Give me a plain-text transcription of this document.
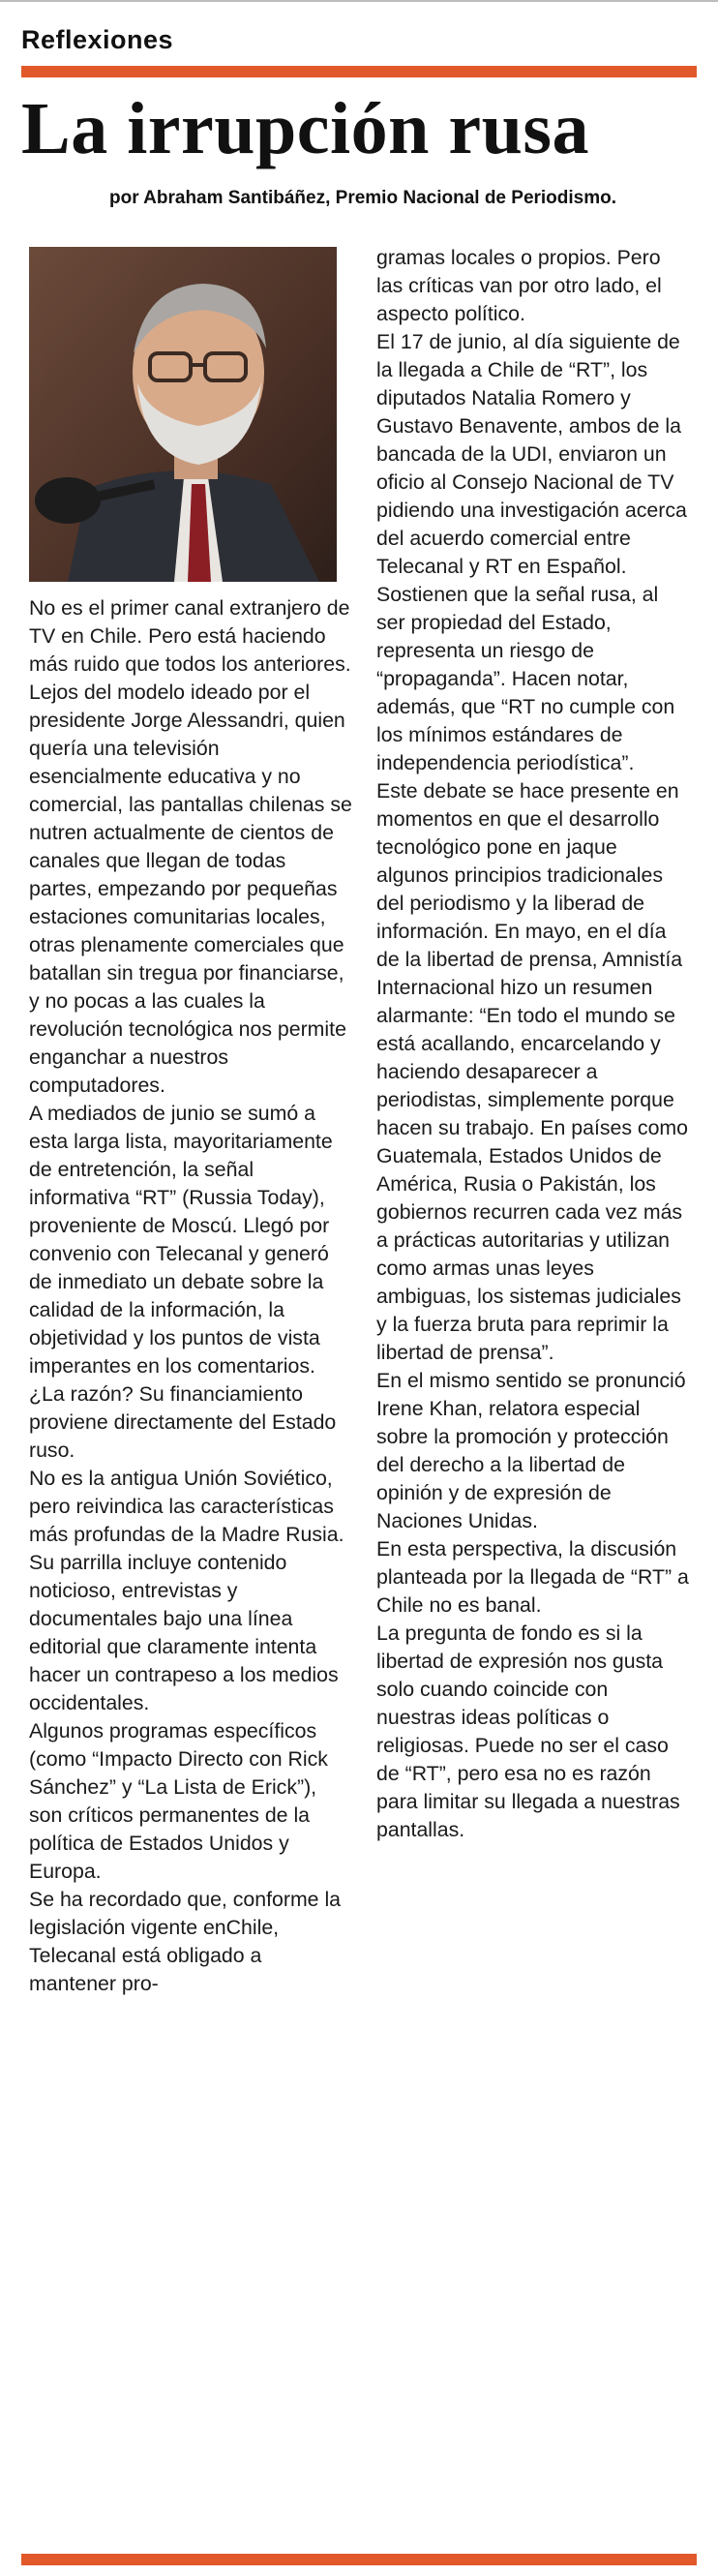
Reflexiones
La irrupción rusa
por Abraham Santibáñez, Premio Nacional de Periodismo.

No es el primer canal extranjero de TV en Chile. Pero está haciendo más ruido que todos los anteriores.

Lejos del modelo ideado por el presidente Jorge Alessandri, quien quería una televisión esencialmente educativa y no comercial, las pantallas chilenas se nutren actualmente de cientos de canales que llegan de todas partes, empezando por pequeñas estaciones comunitarias locales, otras plenamente comerciales que batallan sin tregua por financiarse, y no pocas a las cuales la revolución tecnológica nos permite enganchar a nuestros computadores.

A mediados de junio se sumó a esta larga lista, mayoritariamente de entretención, la señal informativa “RT” (Russia Today), proveniente de Moscú. Llegó por convenio con Telecanal y generó de inmediato un debate sobre la calidad de la información, la objetividad y los puntos de vista imperantes en los comentarios. ¿La razón? Su financiamiento proviene directamente del Estado ruso.

No es la antigua Unión Soviético, pero reivindica las características más profundas de la Madre Rusia.

Su parrilla incluye contenido noticioso, entrevistas y documentales bajo una línea editorial que claramente intenta hacer un contrapeso a los medios occidentales.

Algunos programas específicos (como “Impacto Directo con Rick Sánchez” y “La Lista de Erick”), son críticos permanentes de la política de Estados Unidos y Europa.

Se ha recordado que, conforme la legislación vigente enChile, Telecanal está obligado a mantener pro-

gramas locales o propios. Pero las críticas van por otro lado, el aspecto político.

El 17 de junio, al día siguiente de la llegada a Chile de “RT”, los diputados Natalia Romero y Gustavo Benavente, ambos de la bancada de la UDI, enviaron un oficio al Consejo Nacional de TV pidiendo una investigación acerca del acuerdo comercial entre Telecanal y RT en Español.

Sostienen que la señal rusa, al ser propiedad del Estado, representa un riesgo de “propaganda”. Hacen notar, además, que “RT no cumple con los mínimos estándares de independencia periodística”.

Este debate se hace presente en momentos en que el desarrollo tecnológico pone en jaque algunos principios tradicionales del periodismo y la liberad de información. En mayo, en el día de la libertad de prensa, Amnistía Internacional hizo un resumen alarmante: “En todo el mundo se está acallando, encarcelando y haciendo desaparecer a periodistas, simplemente porque hacen su trabajo. En países como Guatemala, Estados Unidos de América, Rusia o Pakistán, los gobiernos recurren cada vez más a prácticas autoritarias y utilizan como armas unas leyes ambiguas, los sistemas judiciales y la fuerza bruta para reprimir la libertad de prensa”.

En el mismo sentido se pronunció Irene Khan, relatora especial sobre la promoción y protección del derecho a la libertad de opinión y de expresión de Naciones Unidas.

En esta perspectiva, la discusión planteada por la llegada de “RT” a Chile no es banal.

La pregunta de fondo es si la libertad de expresión nos gusta solo cuando coincide con nuestras ideas políticas o religiosas. Puede no ser el caso de “RT”, pero esa no es razón para limitar su llegada a nuestras pantallas.
